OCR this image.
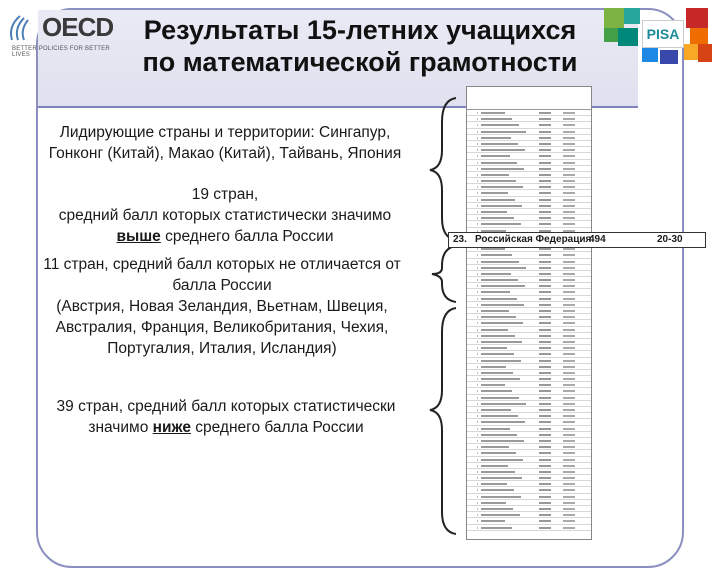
OECD
BETTER POLICIES FOR BETTER LIVES
PISA
Результаты 15-летних учащихся
по математической грамотности
Лидирующие страны и территории: Сингапур, Гонконг (Китай), Макао (Китай), Тайвань, Япония
19 стран,
средний балл которых статистически значимо
выше среднего балла России
11 стран, средний балл которых не отличается от
балла России
(Австрия, Новая Зеландия, Вьетнам, Швеция,
Австралия, Франция, Великобритания, Чехия,
Португалия, Италия, Исландия)
39 стран, средний балл которых статистически
значимо ниже среднего балла России
23. Российская Федерация
494	20-30
